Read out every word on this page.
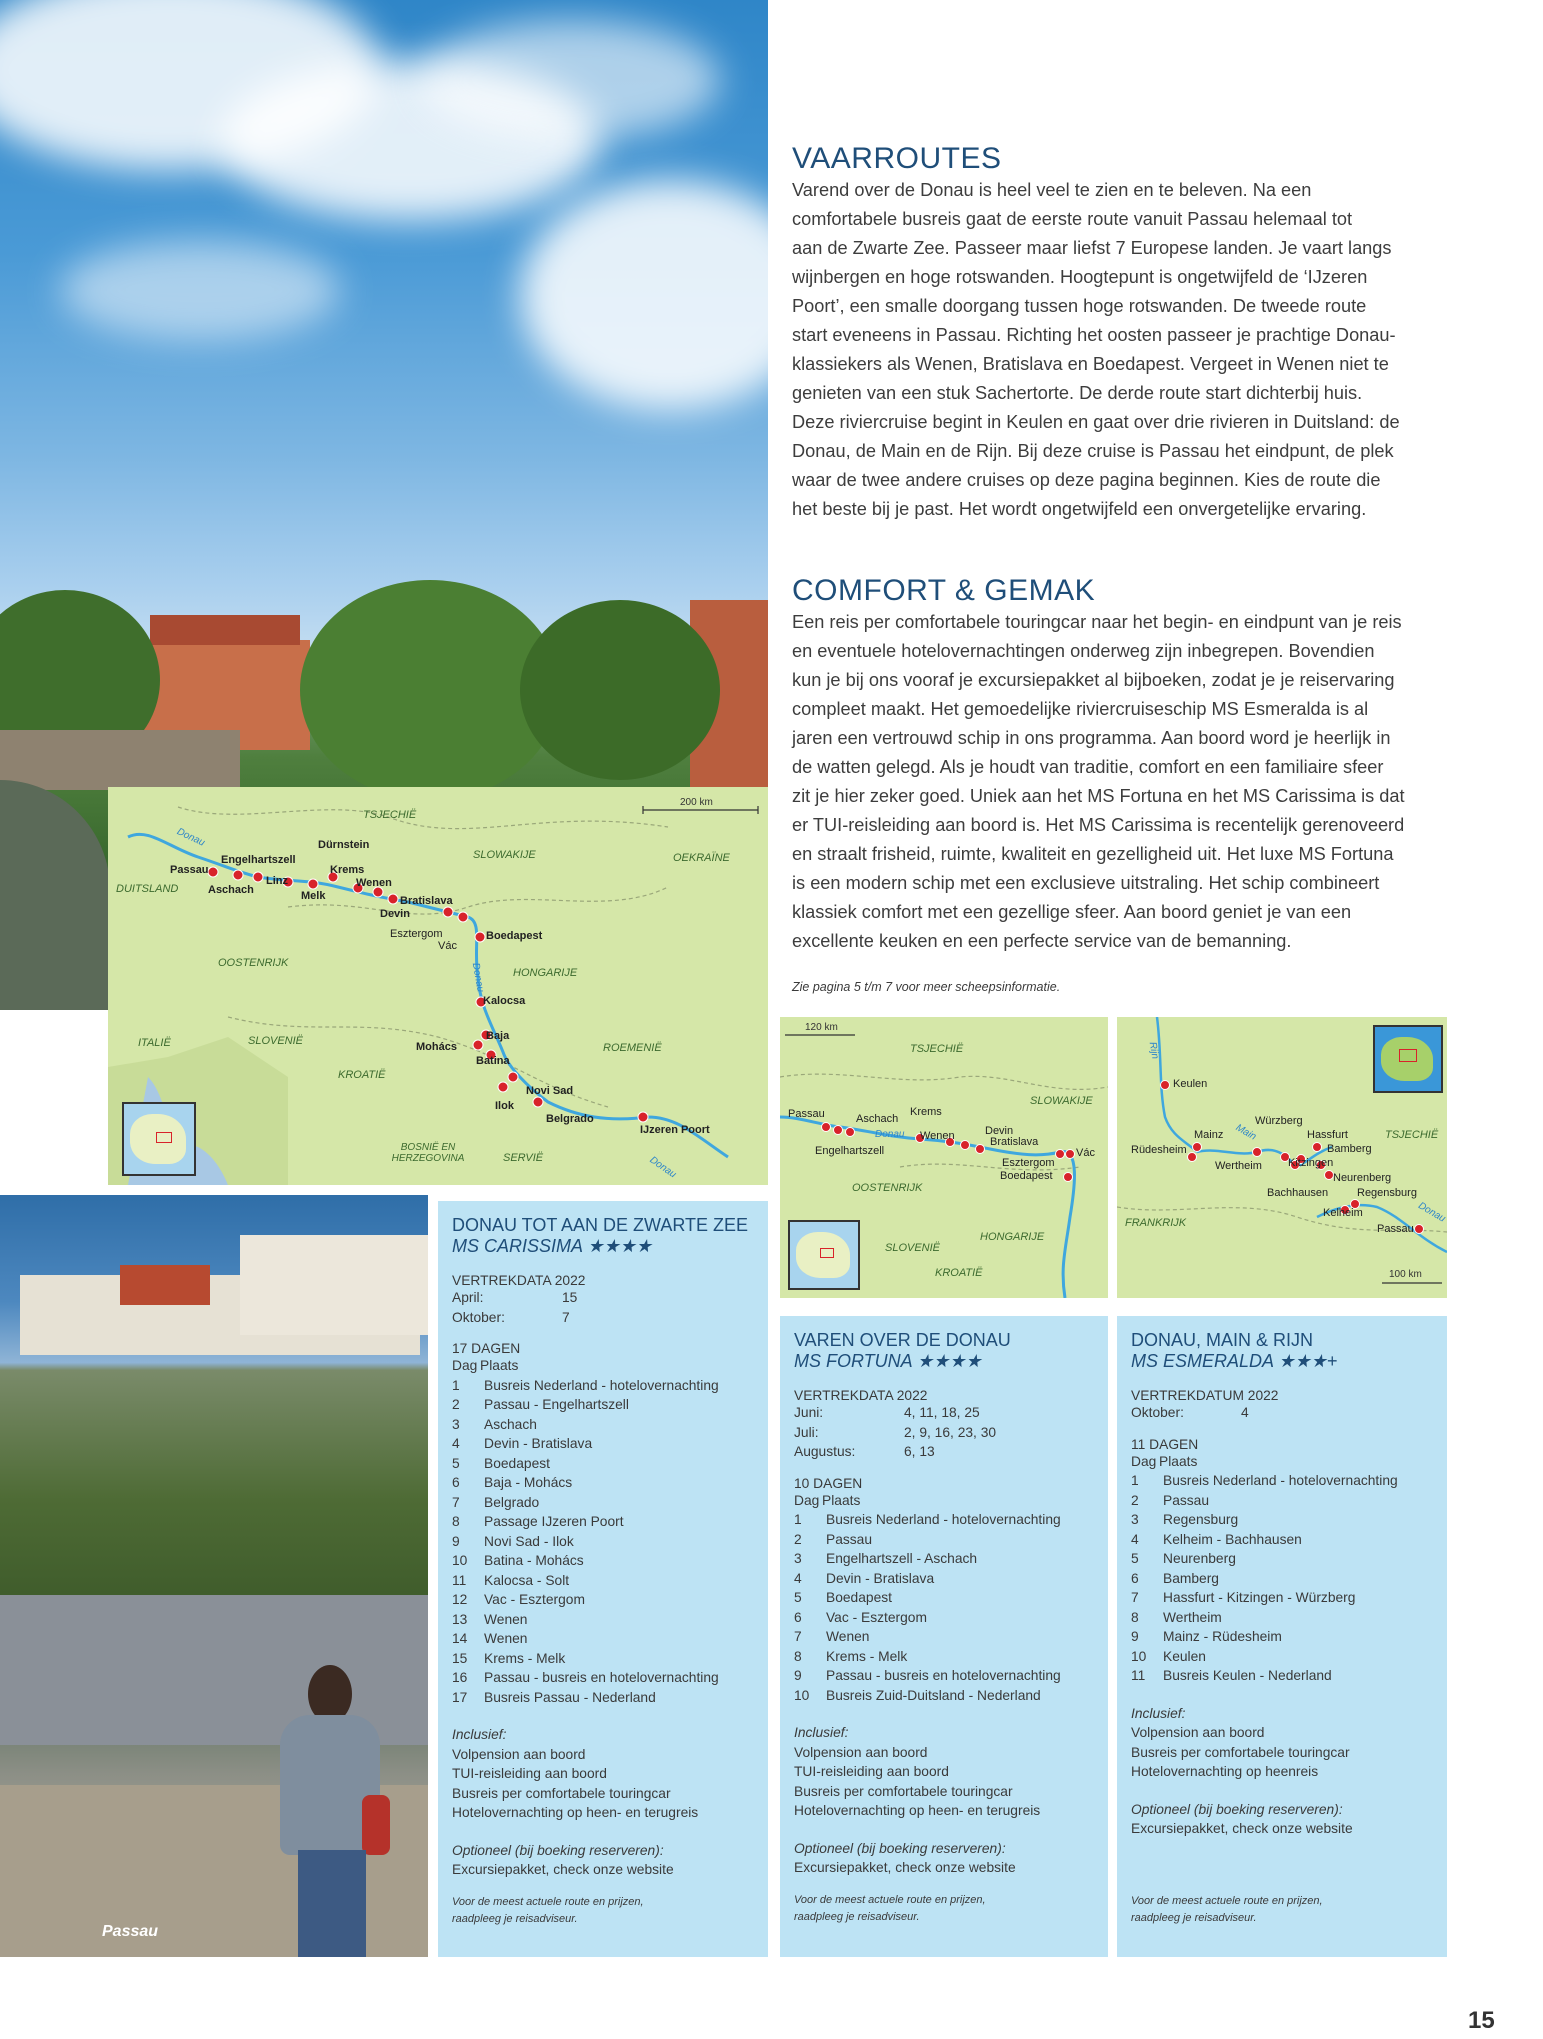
TSJECHIË
SLOWAKIJE	OEKRAÏNE
DUITSLAND
OOSTENRIJK
HONGARIJE
ITALIË	SLOVENIË
KROATIË
ROEMENIË
BOSNIË EN HERZEGOVINA	SERVIË
Donau
Donau
Donau
200 km
Passau
Engelhartszell
Aschach
Linz
Dürnstein
Krems
Melk
Wenen
Bratislava
Devin
Esztergom
Vác
Boedapest
Kalocsa
Baja
Mohács
Batina
Novi Sad
Ilok
Belgrado
IJzeren Poort
VAARROUTES
Varend over de Donau is heel veel te zien en te beleven. Na een
comfortabele busreis gaat de eerste route vanuit Passau helemaal tot
aan de Zwarte Zee. Passeer maar liefst 7 Europese landen. Je vaart langs
wijnbergen en hoge rotswanden. Hoogtepunt is ongetwijfeld de ‘IJzeren
Poort’, een smalle doorgang tussen hoge rotswanden. De tweede route
start eveneens in Passau. Richting het oosten passeer je prachtige Donau-
klassiekers als Wenen, Bratislava en Boedapest. Vergeet in Wenen niet te
genieten van een stuk Sachertorte. De derde route start dichterbij huis.
Deze riviercruise begint in Keulen en gaat over drie rivieren in Duitsland: de
Donau, de Main en de Rijn. Bij deze cruise is Passau het eindpunt, de plek
waar de twee andere cruises op deze pagina beginnen. Kies de route die
het beste bij je past. Het wordt ongetwijfeld een onvergetelijke ervaring.
COMFORT & GEMAK
Een reis per comfortabele touringcar naar het begin- en eindpunt van je reis
en eventuele hotelovernachtingen onderweg zijn inbegrepen. Bovendien
kun je bij ons vooraf je excursiepakket al bijboeken, zodat je je reiservaring
compleet maakt. Het gemoedelijke riviercruiseschip MS Esmeralda is al
jaren een vertrouwd schip in ons programma. Aan boord word je heerlijk in
de watten gelegd. Als je houdt van traditie, comfort en een familiaire sfeer
zit je hier zeker goed. Uniek aan het MS Fortuna en het MS Carissima is dat
er TUI-reisleiding aan boord is. Het MS Carissima is recentelijk gerenoveerd
en straalt frisheid, ruimte, kwaliteit en gezelligheid uit. Het luxe MS Fortuna
is een modern schip met een exclusieve uitstraling. Het schip combineert
klassiek comfort met een gezellige sfeer. Aan boord geniet je van een
excellente keuken en een perfecte service van de bemanning.
Zie pagina 5 t/m 7 voor meer scheepsinformatie.
120 km
TSJECHIË
SLOWAKIJE
OOSTENRIJK
SLOVENIË
HONGARIJE
KROATIË
Passau	Aschach
Engelhartszell
Krems
Devin
Wenen	Bratislava
Esztergom
Boedapest
Vác
Donau
100 km
TSJECHIË
FRANKRIJK
Rijn
Main
Donau
Keulen
Würzberg
Mainz	Hassfurt
Rüdesheim	Bamberg
Wertheim Kitzingen
Neurenberg
Bachhausen	Regensburg
Kelheim
Passau
Passau

DONAU TOT AAN DE ZWARTE ZEE

MS CARISSIMA ★★★★

VERTREKDATA 2022
April:	15
Oktober:	7
17 DAGEN
Dag Plaats
1	Busreis Nederland - hotelovernachting
2	Passau - Engelhartszell
3	Aschach
4	Devin - Bratislava
5	Boedapest
6	Baja - Mohács
7	Belgrado
8	Passage IJzeren Poort
9	Novi Sad - Ilok
10	Batina - Mohács
11	Kalocsa - Solt
12	Vac - Esztergom
13	Wenen
14	Wenen
15	Krems - Melk
16	Passau - busreis en hotelovernachting
17	Busreis Passau - Nederland
Inclusief:
Volpension aan boord
TUI-reisleiding aan boord
Busreis per comfortabele touringcar
Hotelovernachting op heen- en terugreis
Optioneel (bij boeking reserveren):
Excursiepakket, check onze website
Voor de meest actuele route en prijzen,
raadpleeg je reisadviseur.

VAREN OVER DE DONAU

MS FORTUNA ★★★★

VERTREKDATA 2022
Juni:	4, 11, 18, 25
Juli:	2, 9, 16, 23, 30
Augustus:	6, 13
10 DAGEN
Dag Plaats
1	Busreis Nederland - hotelovernachting
2	Passau
3	Engelhartszell - Aschach
4	Devin - Bratislava
5	Boedapest
6	Vac - Esztergom
7	Wenen
8	Krems - Melk
9	Passau - busreis en hotelovernachting
10	Busreis Zuid-Duitsland - Nederland
Inclusief:
Volpension aan boord
TUI-reisleiding aan boord
Busreis per comfortabele touringcar
Hotelovernachting op heen- en terugreis
Optioneel (bij boeking reserveren):
Excursiepakket, check onze website
Voor de meest actuele route en prijzen,
raadpleeg je reisadviseur.

DONAU, MAIN & RIJN

MS ESMERALDA ★★★+

VERTREKDATUM 2022
Oktober:	4
11 DAGEN
Dag Plaats
1	Busreis Nederland - hotelovernachting
2	Passau
3	Regensburg
4	Kelheim - Bachhausen
5	Neurenberg
6	Bamberg
7	Hassfurt - Kitzingen - Würzberg
8	Wertheim
9	Mainz - Rüdesheim
10	Keulen
11	Busreis Keulen - Nederland
Inclusief:
Volpension aan boord
Busreis per comfortabele touringcar
Hotelovernachting op heenreis
Optioneel (bij boeking reserveren):
Excursiepakket, check onze website
Voor de meest actuele route en prijzen,
raadpleeg je reisadviseur.
15
